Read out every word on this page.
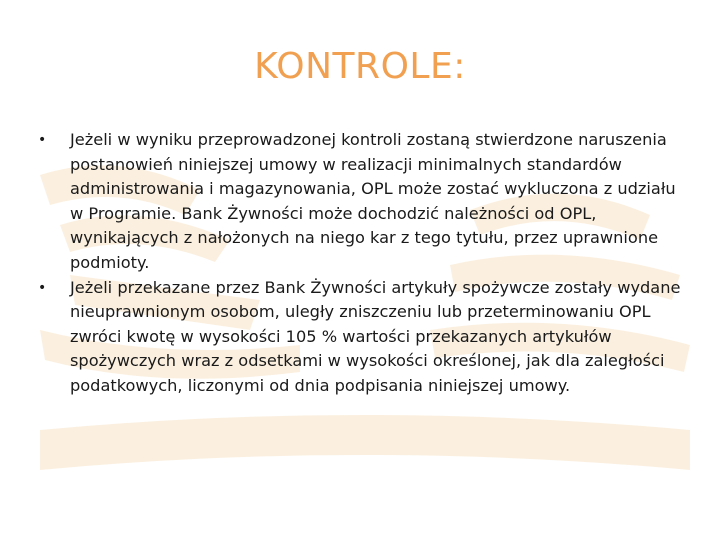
KONTROLE:
• Jeżeli w wyniku przeprowadzonej kontroli zostaną stwierdzone naruszenia postanowień niniejszej umowy w realizacji minimalnych standardów administrowania i magazynowania, OPL może zostać wykluczona z udziału w Programie. Bank Żywności może dochodzić należności od OPL, wynikających z nałożonych na niego kar z tego tytułu, przez uprawnione podmioty.
• Jeżeli przekazane przez Bank Żywności artykuły spożywcze zostały wydane nieuprawnionym osobom, uległy zniszczeniu lub przeterminowaniu OPL zwróci kwotę w wysokości 105 % wartości przekazanych artykułów spożywczych wraz z odsetkami w wysokości określonej, jak dla zaległości podatkowych, liczonymi od dnia podpisania niniejszej umowy.
